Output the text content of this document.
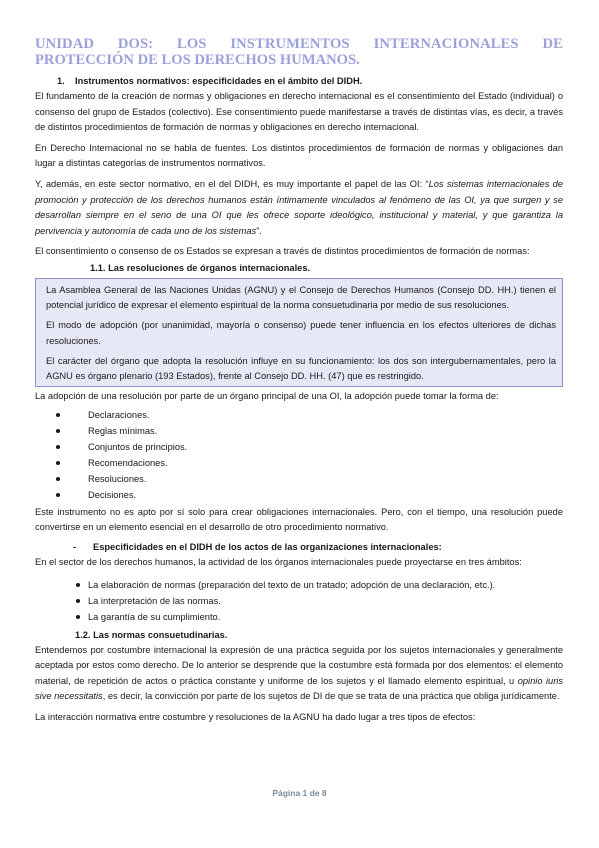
UNIDAD DOS: LOS INSTRUMENTOS INTERNACIONALES DE
PROTECCIÓN DE LOS DERECHOS HUMANOS.
1. Instrumentos normativos: especificidades en el ámbito del DIDH.

El fundamento de la creación de normas y obligaciones en derecho internacional es el consentimiento del Estado (individual) o consenso del grupo de Estados (colectivo). Ese consentimiento puede manifestarse a través de distintas vías, es decir, a través de distintos procedimientos de formación de normas y obligaciones en derecho internacional.

En Derecho Internacional no se habla de fuentes. Los distintos procedimientos de formación de normas y obligaciones dan lugar a distintas categorías de instrumentos normativos.

Y, además, en este sector normativo, en el del DIDH, es muy importante el papel de las OI: “Los sistemas internacionales de promoción y protección de los derechos humanos están íntimamente vinculados al fenómeno de las OI, ya que surgen y se desarrollan siempre en el seno de una OI que les ofrece soporte ideológico, institucional y material, y que garantiza la pervivencia y autonomía de cada uno de los sistemas”.

El consentimiento o consenso de os Estados se expresan a través de distintos procedimientos de formación de normas:

1.1. Las resoluciones de órganos internacionales.

La Asamblea General de las Naciones Unidas (AGNU) y el Consejo de Derechos Humanos (Consejo DD. HH.) tienen el potencial jurídico de expresar el elemento espiritual de la norma consuetudinaria por medio de sus resoluciones.

El modo de adopción (por unanimidad, mayoría o consenso) puede tener influencia en los efectos ulteriores de dichas resoluciones.

El carácter del órgano que adopta la resolución influye en su funcionamiento: los dos son intergubernamentales, pero la AGNU es órgano plenario (193 Estados), frente al Consejo DD. HH. (47) que es restringido.

La adopción de una resolución por parte de un órgano principal de una OI, la adopción puede tomar la forma de:

Declaraciones.
Reglas mínimas.
Conjuntos de principios.
Recomendaciones.
Resoluciones.
Decisiones.

Este instrumento no es apto por sí solo para crear obligaciones internacionales. Pero, con el tiempo, una resolución puede convertirse en un elemento esencial en el desarrollo de otro procedimiento normativo.

- Especificidades en el DIDH de los actos de las organizaciones internacionales:

En el sector de los derechos humanos, la actividad de los órganos internacionales puede proyectarse en tres ámbitos:

La elaboración de normas (preparación del texto de un tratado; adopción de una declaración, etc.).
La interpretación de las normas.
La garantía de su cumplimiento.
1.2. Las normas consuetudinarias.

Entendemos por costumbre internacional la expresión de una práctica seguida por los sujetos internacionales y generalmente aceptada por estos como derecho. De lo anterior se desprende que la costumbre está formada por dos elementos: el elemento material, de repetición de actos o práctica constante y uniforme de los sujetos y el llamado elemento espiritual, u opinio iuris sive necessitatis, es decir, la convicción por parte de los sujetos de DI de que se trata de una práctica que obliga jurídicamente.

La interacción normativa entre costumbre y resoluciones de la AGNU ha dado lugar a tres tipos de efectos:

Página 1 de 8
